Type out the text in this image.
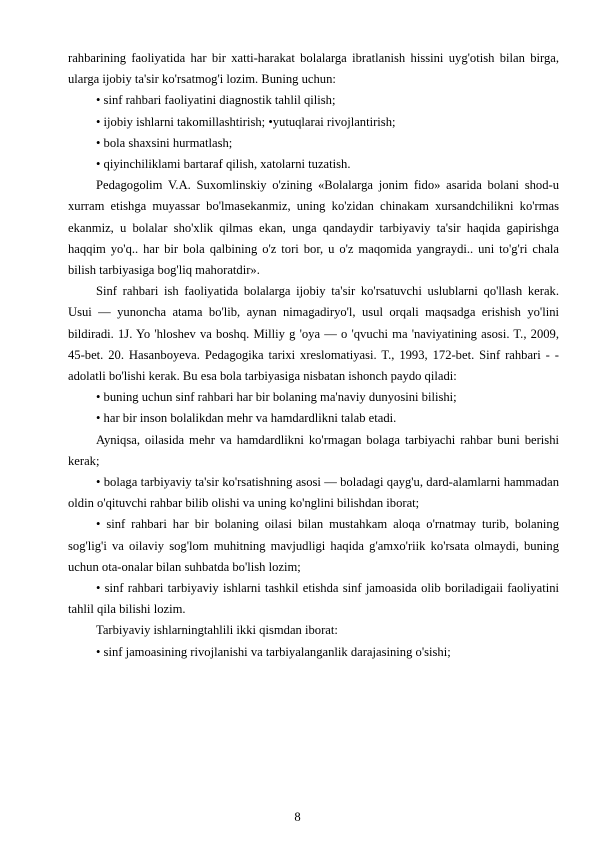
rahbarining faoliyatida har bir xatti-harakat bolalarga ibratlanish hissini uyg'otish bilan birga, ularga ijobiy ta'sir ko'rsatmog'i lozim. Buning uchun:

• sinf rahbari faoliyatini diagnostik tahlil qilish;

• ijobiy ishlarni takomillashtirish; •yutuqlarai rivojlantirish;

• bola shaxsini hurmatlash;

• qiyinchiliklami bartaraf qilish, xatolarni tuzatish.

Pedagogolim V.A. Suxomlinskiy o'zining «Bolalarga jonim fido» asarida bolani shod-u xurram etishga muyassar bo'lmasekanmiz, uning ko'zidan chinakam xursandchilikni ko'rmas ekanmiz, u bolalar sho'xlik qilmas ekan, unga qandaydir tarbiyaviy ta'sir haqida gapirishga haqqim yo'q.. har bir bola qalbining o'z tori bor, u o'z maqomida yangraydi.. uni to'g'ri chala bilish tarbiyasiga bog'liq mahoratdir».

Sinf rahbari ish faoliyatida bolalarga ijobiy ta'sir ko'rsatuvchi uslublarni qo'llash kerak. Usui — yunoncha atama bo'lib, aynan nimagadiryo'l, usul orqali maqsadga erishish yo'lini bildiradi. 1J. Yo 'hloshev va boshq. Milliy g 'oya — o 'qvuchi ma 'naviyatining asosi. T., 2009, 45-bet. 20. Hasanboyeva. Pedagogika tarixi xreslomatiyasi. T., 1993, 172-bet. Sinf rahbari - - adolatli bo'lishi kerak. Bu esa bola tarbiyasiga nisbatan ishonch paydo qiladi:

• buning uchun sinf rahbari har bir bolaning ma'naviy dunyosini bilishi;

• har bir inson bolalikdan mehr va hamdardlikni talab etadi.

Ayniqsa, oilasida mehr va hamdardlikni ko'rmagan bolaga tarbiyachi rahbar buni berishi kerak;

• bolaga tarbiyaviy ta'sir ko'rsatishning asosi — boladagi qayg'u, dard-alamlarni hammadan oldin o'qituvchi rahbar bilib olishi va uning ko'nglini bilishdan iborat;

• sinf rahbari har bir bolaning oilasi bilan mustahkam aloqa o'rnatmay turib, bolaning sog'lig'i va oilaviy sog'lom muhitning mavjudligi haqida g'amxo'riik ko'rsata olmaydi, buning uchun ota-onalar bilan suhbatda bo'lish lozim;

• sinf rahbari tarbiyaviy ishlarni tashkil etishda sinf jamoasida olib boriladigaii faoliyatini tahlil qila bilishi lozim.

Tarbiyaviy ishlarningtahlili ikki qismdan iborat:

• sinf jamoasining rivojlanishi va tarbiyalanganlik darajasining o'sishi;

8
